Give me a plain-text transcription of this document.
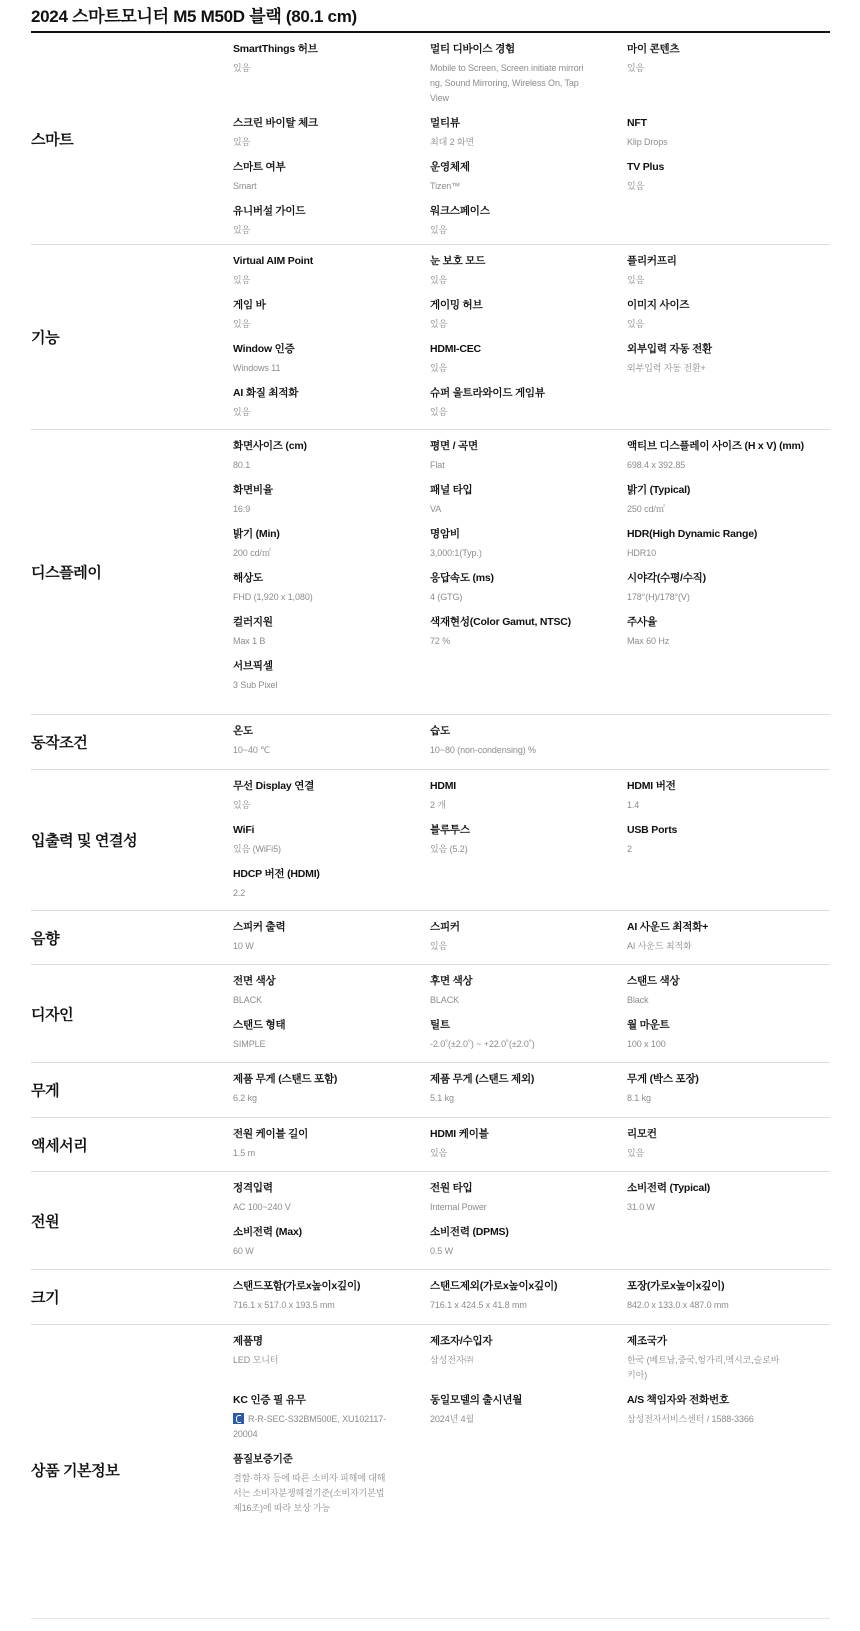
2024 스마트모니터 M5 M50D 블랙 (80.1 cm)
스마트
SmartThings 허브
있음
멀티 디바이스 경험
Mobile to Screen, Screen initiate mirroring, Sound Mirroring, Wireless On, Tap View
마이 콘텐츠
있음
스크린 바이탈 체크
있음
멀티뷰
최대 2 화면
NFT
Klip Drops
스마트 여부
Smart
운영체제
Tizen™
TV Plus
있음
유니버설 가이드
있음
워크스페이스
있음
기능
Virtual AIM Point
있음
눈 보호 모드
있음
플리커프리
있음
게임 바
있음
게이밍 허브
있음
이미지 사이즈
있음
Window 인증
Windows 11
HDMI-CEC
있음
외부입력 자동 전환
외부입력 자동 전환+
AI 화질 최적화
있음
슈퍼 울트라와이드 게임뷰
있음
디스플레이
화면사이즈 (cm)
80.1
평면 / 곡면
Flat
액티브 디스플레이 사이즈 (H x V) (mm)
698.4 x 392.85
화면비율
16:9
패널 타입
VA
밝기 (Typical)
250 cd/㎡
밝기 (Min)
200 cd/㎡
명암비
3,000:1(Typ.)
HDR(High Dynamic Range)
HDR10
해상도
FHD (1,920 x 1,080)
응답속도 (ms)
4 (GTG)
시야각(수평/수직)
178°(H)/178°(V)
컬러지원
Max 1 B
색재현성(Color Gamut, NTSC)
72 %
주사율
Max 60 Hz
서브픽셀
3 Sub Pixel
동작조건
온도
10~40 ℃
습도
10~80 (non-condensing) %
입출력 및 연결성
무선 Display 연결
있음
HDMI
2 개
HDMI 버전
1.4
WiFi
있음 (WiFi5)
블루투스
있음 (5.2)
USB Ports
2
HDCP 버전 (HDMI)
2.2
음향
스피커 출력
10 W
스피커
있음
AI 사운드 최적화+
AI 사운드 최적화
디자인
전면 색상
BLACK
후면 색상
BLACK
스탠드 색상
Black
스탠드 형태
SIMPLE
틸트
-2.0˚(±2.0˚) ~ +22.0˚(±2.0˚)
월 마운트
100 x 100
무게
제품 무게 (스탠드 포함)
6.2 kg
제품 무게 (스탠드 제외)
5.1 kg
무게 (박스 포장)
8.1 kg
액세서리
전원 케이블 길이
1.5 m
HDMI 케이블
있음
리모컨
있음
전원
정격입력
AC 100~240 V
전원 타입
Internal Power
소비전력 (Typical)
31.0 W
소비전력 (Max)
60 W
소비전력 (DPMS)
0.5 W
크기
스탠드포함(가로x높이x깊이)
716.1 x 517.0 x 193.5 mm
스탠드제외(가로x높이x깊이)
716.1 x 424.5 x 41.8 mm
포장(가로x높이x깊이)
842.0 x 133.0 x 487.0 mm
상품 기본정보
제품명
LED 모니터
제조자/수입자
삼성전자㈜
제조국가
한국 (베트남,중국,헝가리,멕시코,슬로바키아)
KC 인증 필 유무
R-R-SEC-S32BM500E, XU102117-20004
동일모델의 출시년월
2024년 4월
A/S 책임자와 전화번호
삼성전자서비스센터 / 1588-3366
품질보증기준
결함·하자 등에 따른 소비자 피해에 대해서는 소비자분쟁해결기준(소비자기본법 제16조)에 따라 보상 가능
